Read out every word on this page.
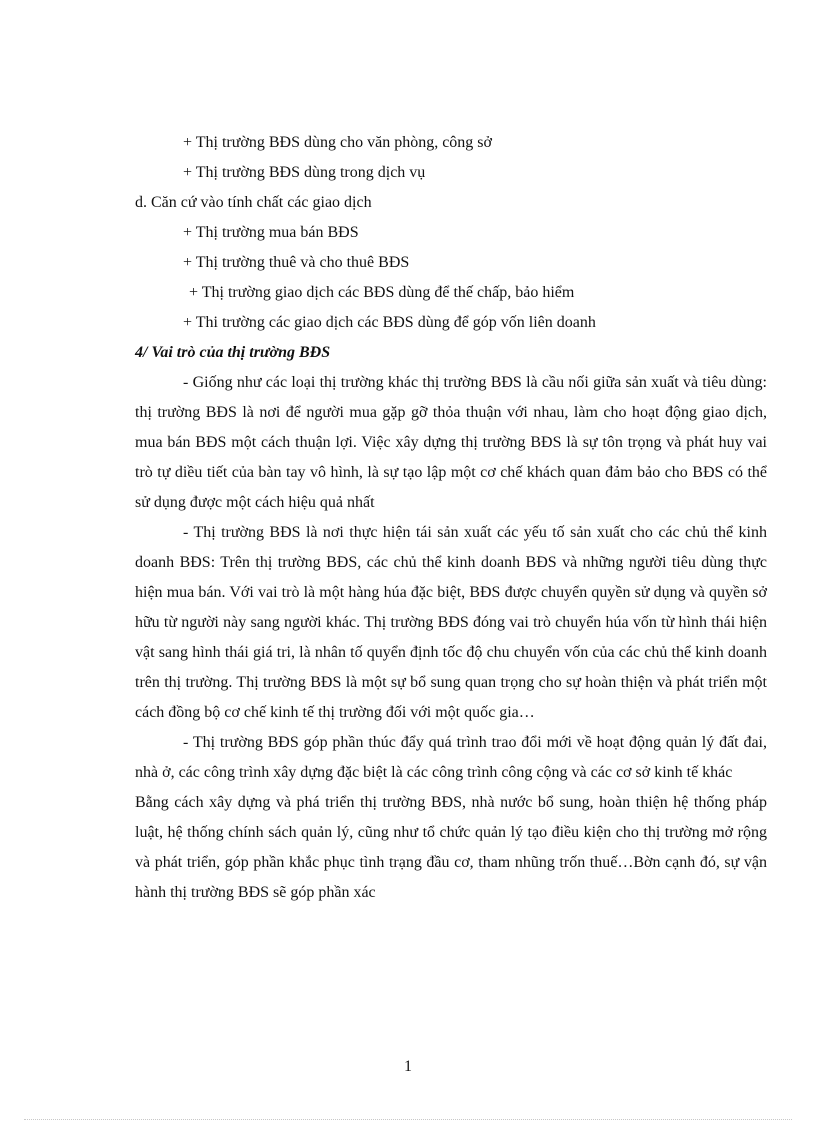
+ Thị trường BĐS dùng cho văn phòng, công sở
+ Thị trường BĐS dùng trong dịch vụ
d. Căn cứ vào tính chất các giao dịch
+ Thị trường mua bán BĐS
+ Thị trường thuê và cho thuê BĐS
+ Thị trường giao dịch các BĐS dùng để thế chấp, bảo hiểm
+ Thi trường các giao dịch các BĐS dùng để góp vốn liên doanh
4/ Vai trò của thị trường BĐS

- Giống như các loại thị trường khác thị trường BĐS là cầu nối giữa sản xuất và tiêu dùng: thị trường BĐS là nơi để người mua gặp gỡ thỏa thuận với nhau, làm cho hoạt động giao dịch, mua bán BĐS một cách thuận lợi. Việc xây dựng thị trường BĐS là sự tôn trọng và phát huy vai trò tự diều tiết của bàn tay vô hình, là sự tạo lập một cơ chế khách quan đảm bảo cho BĐS có thể sử dụng được một cách hiệu quả nhất

- Thị trường BĐS là nơi thực hiện tái sản xuất các yếu tố sản xuất cho các chủ thể kinh doanh BĐS: Trên thị trường BĐS, các chủ thể kinh doanh BĐS và những người tiêu dùng thực hiện mua bán. Với vai trò là một hàng húa đặc biệt, BĐS được chuyển quyền sử dụng và quyền sở hữu từ người này sang người khác. Thị trường BĐS đóng vai trò chuyển húa vốn từ hình thái hiện vật sang hình thái giá tri, là nhân tố quyển định tốc độ chu chuyển vốn của các chủ thể kinh doanh trên thị trường. Thị trường BĐS là một sự bổ sung quan trọng cho sự hoàn thiện và phát triển một cách đồng bộ cơ chế kinh tế thị trường đối với một quốc gia…

- Thị trường BĐS góp phần thúc đẩy quá trình trao đổi mới về hoạt động quản lý đất đai, nhà ở, các công trình xây dựng đặc biệt là các công trình công cộng và các cơ sở kinh tế khác

Bằng cách xây dựng và phá triển thị trường BĐS, nhà nước bổ sung, hoàn thiện hệ thống pháp luật, hệ thống chính sách quản lý, cũng như tổ chức quản lý tạo điều kiện cho thị trường mở rộng và phát triển, góp phần khắc phục tình trạng đầu cơ, tham nhũng trốn thuế…Bờn cạnh đó, sự vận hành thị trường BĐS sẽ góp phần xác

1
